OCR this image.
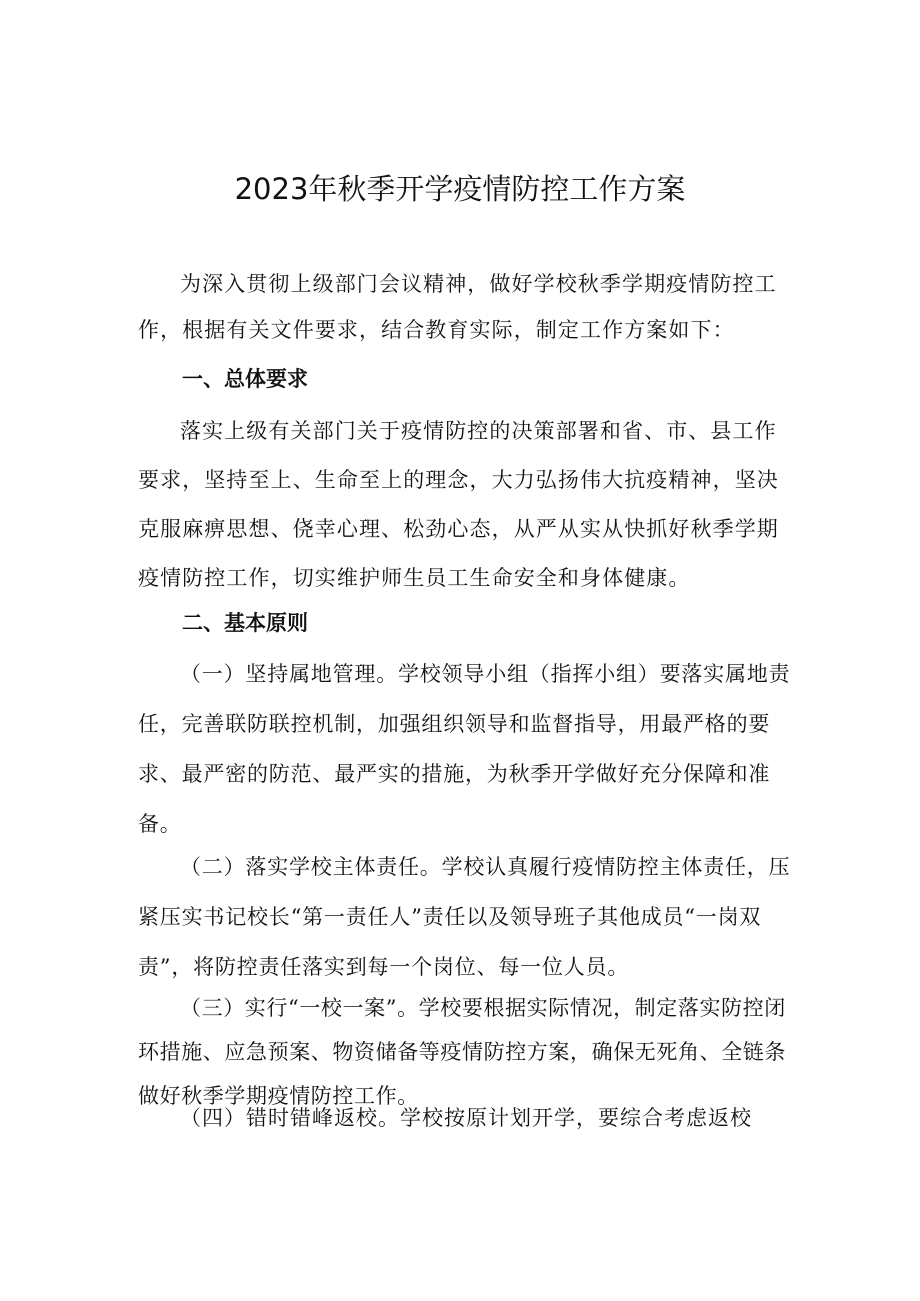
2023年秋季开学疫情防控工作方案
为深入贯彻上级部门会议精神，做好学校秋季学期疫情防控工作，根据有关文件要求，结合教育实际，制定工作方案如下：
一、总体要求
落实上级有关部门关于疫情防控的决策部署和省、市、县工作要求，坚持至上、生命至上的理念，大力弘扬伟大抗疫精神，坚决克服麻痹思想、侥幸心理、松劲心态，从严从实从快抓好秋季学期疫情防控工作，切实维护师生员工生命安全和身体健康。
二、基本原则
（一）坚持属地管理。学校领导小组（指挥小组）要落实属地责任，完善联防联控机制，加强组织领导和监督指导，用最严格的要求、最严密的防范、最严实的措施，为秋季开学做好充分保障和准备。
（二）落实学校主体责任。学校认真履行疫情防控主体责任，压紧压实书记校长“第一责任人”责任以及领导班子其他成员“一岗双责”，将防控责任落实到每一个岗位、每一位人员。
（三）实行“一校一案”。学校要根据实际情况，制定落实防控闭环措施、应急预案、物资储备等疫情防控方案，确保无死角、全链条做好秋季学期疫情防控工作。
（四）错时错峰返校。学校按原计划开学，要综合考虑返校
